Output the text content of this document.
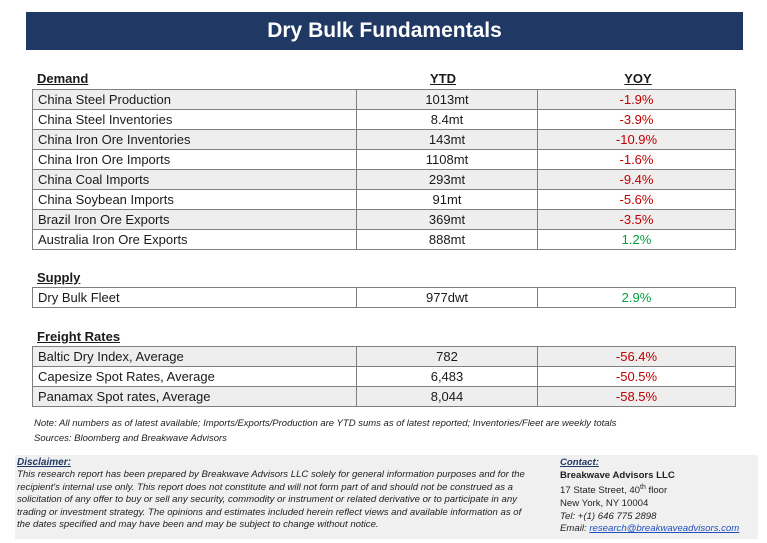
Dry Bulk Fundamentals
Demand	YTD	YOY
China Steel Production	1013mt	-1.9%
China Steel Inventories	8.4mt	-3.9%
China Iron Ore Inventories	143mt	-10.9%
China Iron Ore Imports	1108mt	-1.6%
China Coal Imports	293mt	-9.4%
China Soybean Imports	91mt	-5.6%
Brazil Iron Ore Exports	369mt	-3.5%
Australia Iron Ore Exports	888mt	1.2%
Supply
Dry Bulk Fleet	977dwt	2.9%
Freight Rates
Baltic Dry Index, Average	782	-56.4%
Capesize Spot Rates, Average	6,483	-50.5%
Panamax Spot rates, Average	8,044	-58.5%
Note: All numbers as of latest available; Imports/Exports/Production are YTD sums as of latest reported; Inventories/Fleet are weekly totals
Sources: Bloomberg and Breakwave Advisors
Disclaimer:
This research report has been prepared by Breakwave Advisors LLC solely for general information purposes and for the
recipient's internal use only. This report does not constitute and will not form part of and should not be construed as a
solicitation of any offer to buy or sell any security, commodity or instrument or related derivative or to participate in any
trading or investment strategy. The opinions and estimates included herein reflect views and available information as of
the dates specified and may have been and may be subject to change without notice.
Contact:
Breakwave Advisors LLC
17 State Street, 40th floor
New York, NY 10004
Tel: +(1) 646 775 2898
Email: research@breakwaveadvisors.com
